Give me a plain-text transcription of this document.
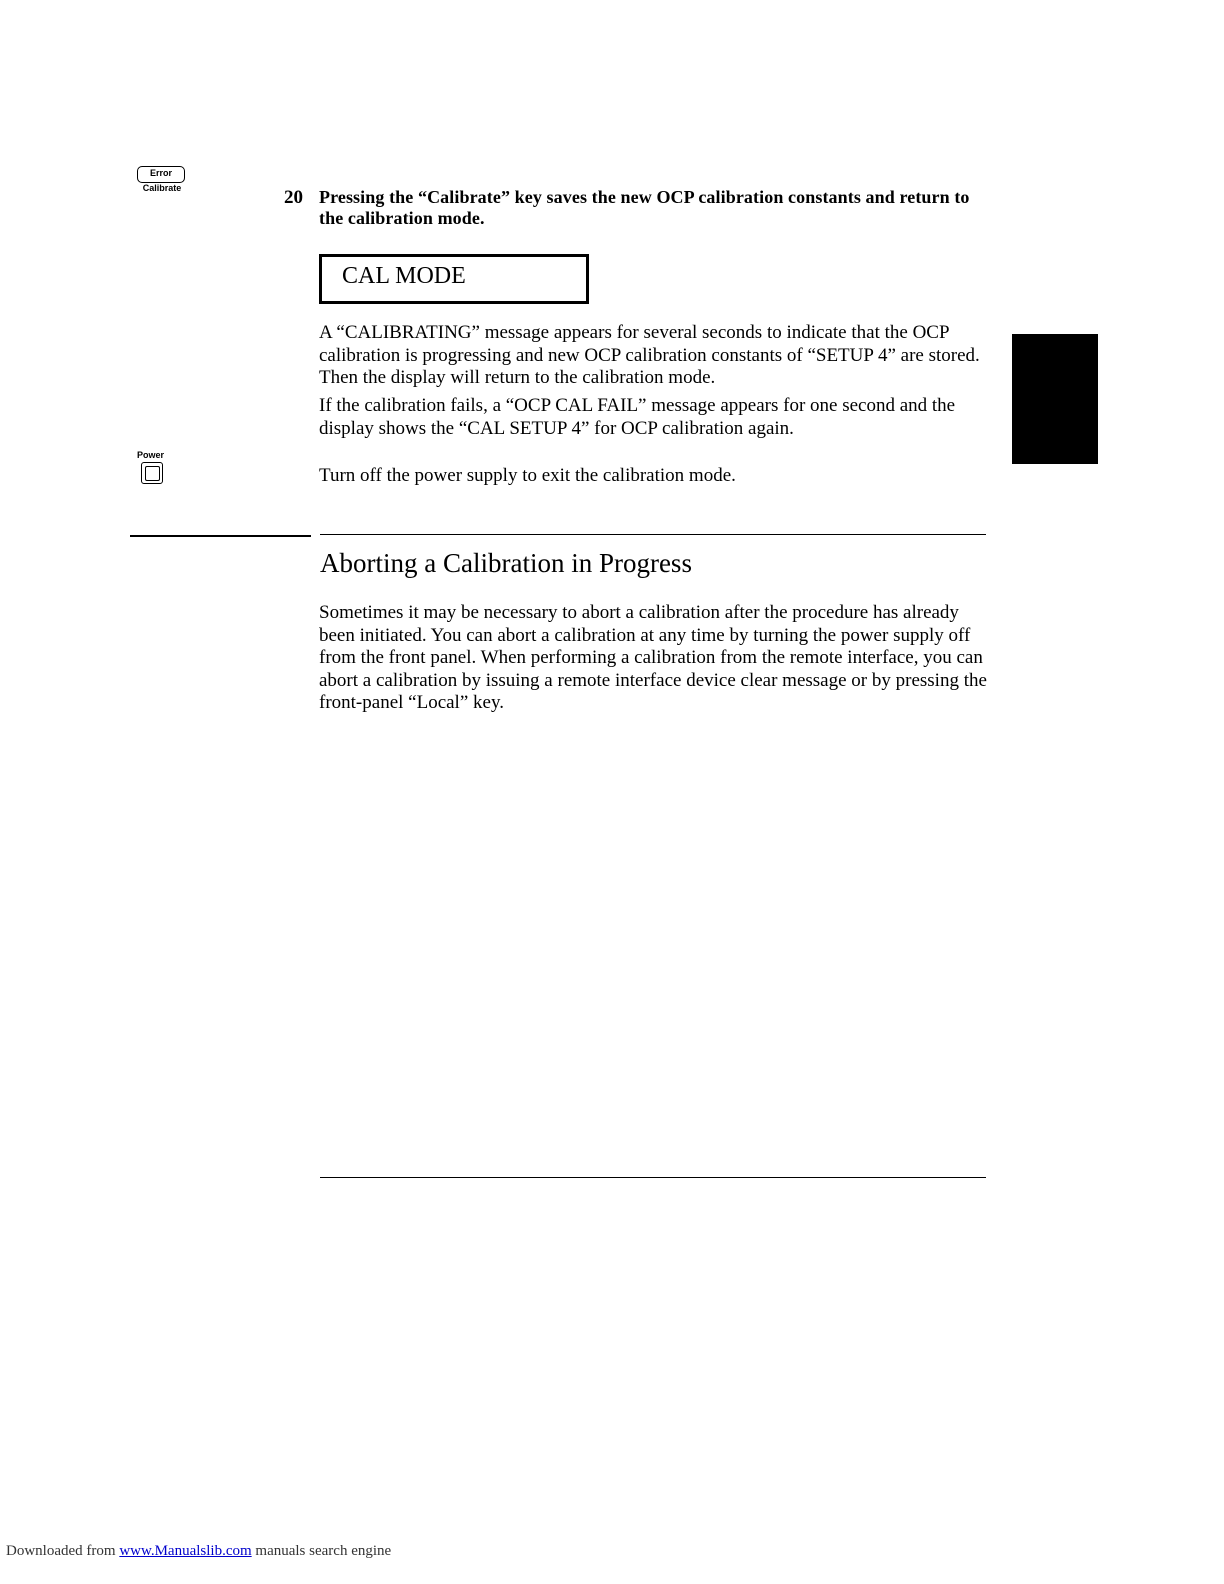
Error
Calibrate	20 Pressing the “Calibrate” key saves the new OCP calibration constants and return to the calibration mode.
CAL MODE
A “CALIBRATING” message appears for several seconds to indicate that the OCP calibration is progressing and new OCP calibration constants of “SETUP 4” are stored. Then the display will return to the calibration mode.
If the calibration fails, a “OCP CAL FAIL” message appears for one second and the display shows the “CAL SETUP 4” for OCP calibration again.
Power
Turn off the power supply to exit the calibration mode.
Aborting a Calibration in Progress
Sometimes it may be necessary to abort a calibration after the procedure has already been initiated. You can abort a calibration at any time by turning the power supply off from the front panel. When performing a calibration from the remote interface, you can abort a calibration by issuing a remote interface device clear message or by pressing the front-panel “Local” key.
Downloaded from www.Manualslib.com manuals search engine
